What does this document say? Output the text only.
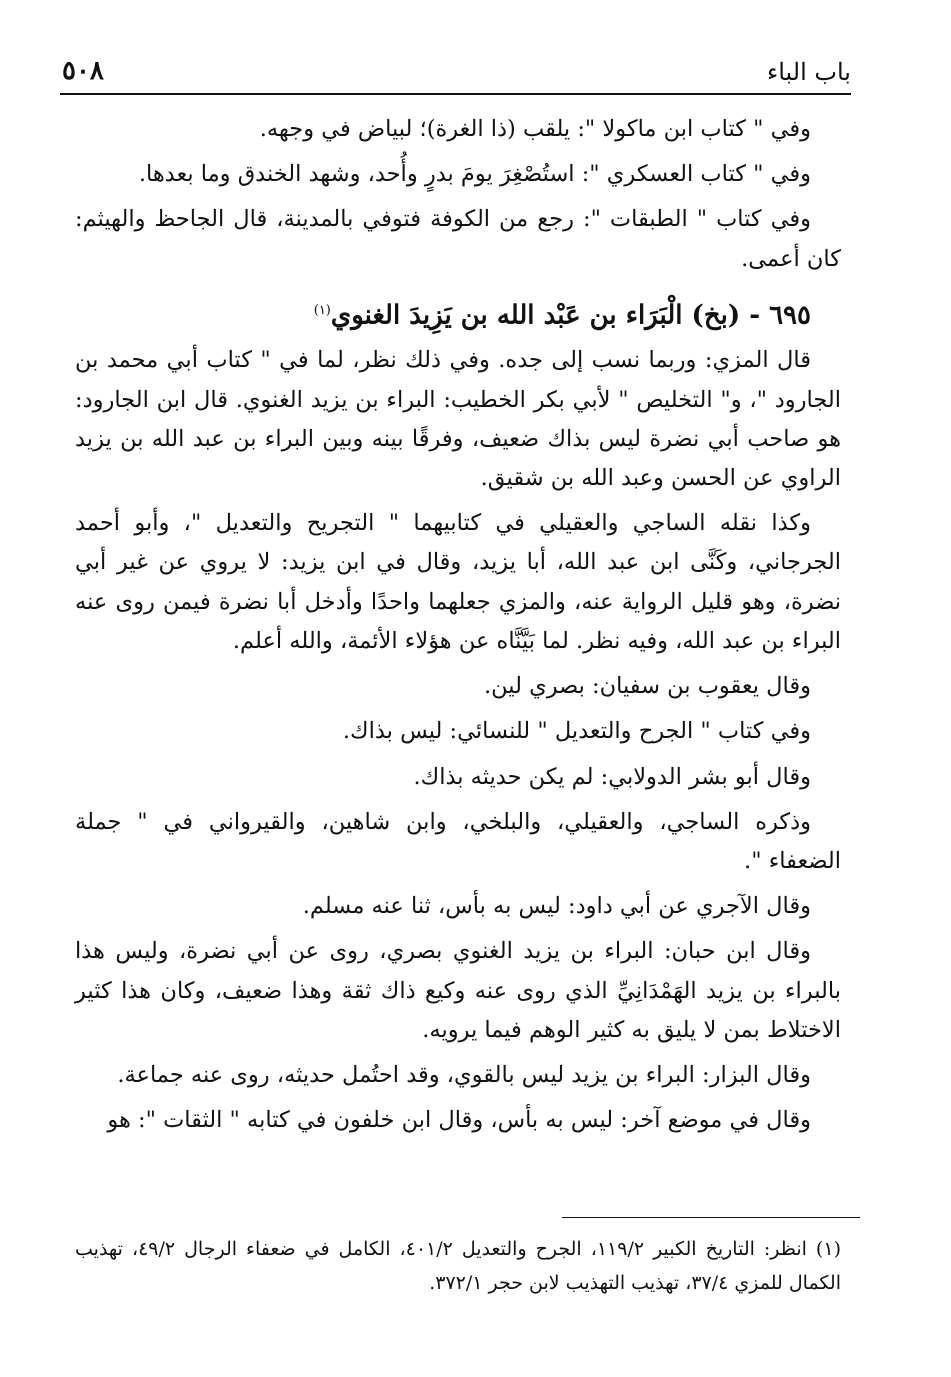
باب الباء
٥٠٨

وفي " كتاب ابن ماكولا ": يلقب (ذا الغرة)؛ لبياض في وجهه.

وفي " كتاب العسكري ": استُصْغِرَ يومَ بدرٍ وأُحد، وشهد الخندق وما بعدها.

وفي كتاب " الطبقات ": رجع من الكوفة فتوفي بالمدينة، قال الجاحظ والهيثم: كان أعمى.

٦٩٥ - (بخ) الْبَرَاء بن عَبْد الله بن يَزِيدَ الغنوي$^{(١)}$

قال المزي: وربما نسب إلى جده. وفي ذلك نظر، لما في " كتاب أبي محمد بن الجارود "، و" التخليص " لأبي بكر الخطيب: البراء بن يزيد الغنوي. قال ابن الجارود: هو صاحب أبي نضرة ليس بذاك ضعيف، وفرقًا بينه وبين البراء بن عبد الله بن يزيد الراوي عن الحسن وعبد الله بن شقيق.

وكذا نقله الساجي والعقيلي في كتابيهما " التجريح والتعديل "، وأبو أحمد الجرجاني، وكَنَّى ابن عبد الله، أبا يزيد، وقال في ابن يزيد: لا يروي عن غير أبي نضرة، وهو قليل الرواية عنه، والمزي جعلهما واحدًا وأدخل أبا نضرة فيمن روى عنه البراء بن عبد الله، وفيه نظر. لما بَيَّنَّاه عن هؤلاء الأئمة، والله أعلم.

وقال يعقوب بن سفيان: بصري لين.

وفي كتاب " الجرح والتعديل " للنسائي: ليس بذاك.

وقال أبو بشر الدولابي: لم يكن حديثه بذاك.

وذكره الساجي، والعقيلي، والبلخي، وابن شاهين، والقيرواني في " جملة الضعفاء ".

وقال الآجري عن أبي داود: ليس به بأس، ثنا عنه مسلم.

وقال ابن حبان: البراء بن يزيد الغنوي بصري، روى عن أبي نضرة، وليس هذا بالبراء بن يزيد الهَمْدَانِيِّ الذي روى عنه وكيع ذاك ثقة وهذا ضعيف، وكان هذا كثير الاختلاط بمن لا يليق به كثير الوهم فيما يرويه.

وقال البزار: البراء بن يزيد ليس بالقوي، وقد احتُمل حديثه، روى عنه جماعة.

وقال في موضع آخر: ليس به بأس، وقال ابن خلفون في كتابه " الثقات ": هو

(١) انظر: التاريخ الكبير ١١٩/٢، الجرح والتعديل ٤٠١/٢، الكامل في ضعفاء الرجال ٤٩/٢، تهذيب الكمال للمزي ٣٧/٤، تهذيب التهذيب لابن حجر ٣٧٢/١.
